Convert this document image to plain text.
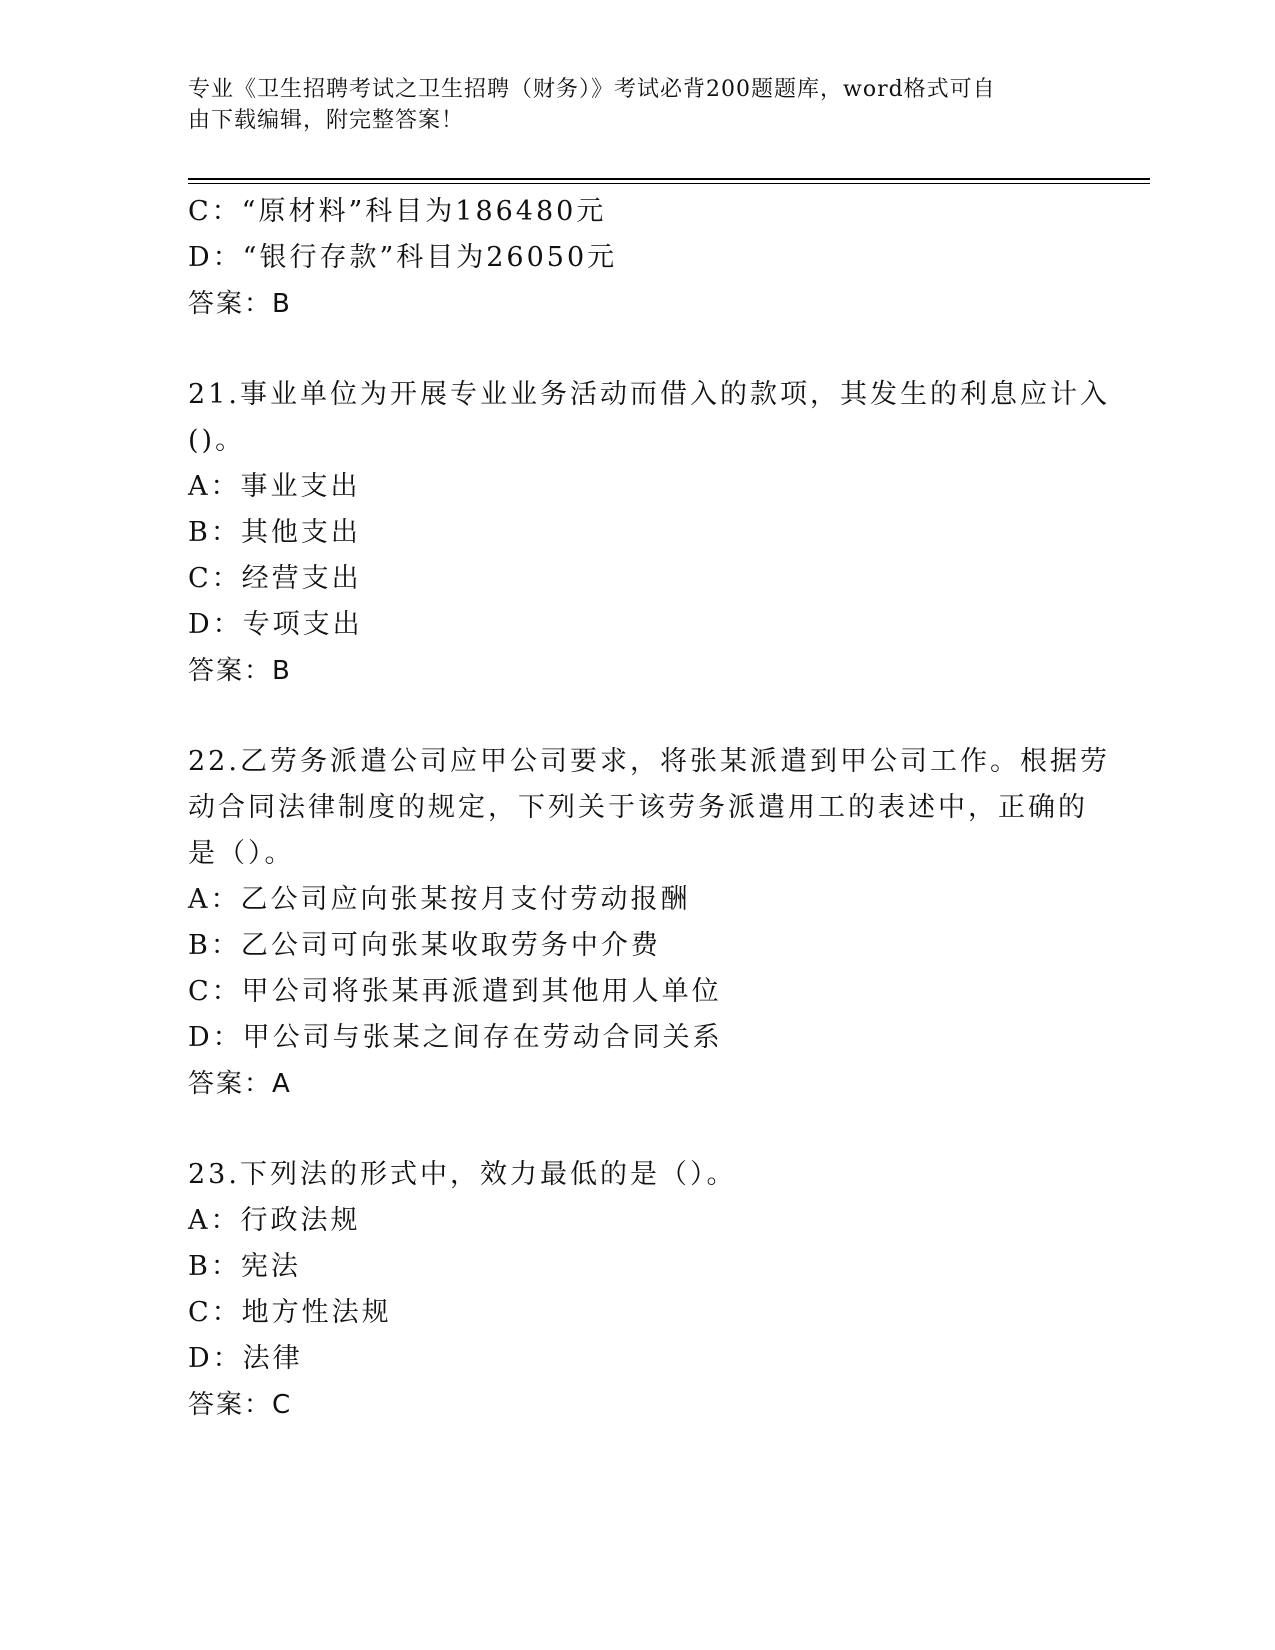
专业《卫生招聘考试之卫生招聘（财务）》考试必背200题题库，word格式可自
由下载编辑，附完整答案！
C：“原材料”科目为186480元
D：“银行存款”科目为26050元
答案：B
21.事业单位为开展专业业务活动而借入的款项，其发生的利息应计入
()。
A：事业支出
B：其他支出
C：经营支出
D：专项支出
答案：B
22.乙劳务派遣公司应甲公司要求，将张某派遣到甲公司工作。根据劳
动合同法律制度的规定，下列关于该劳务派遣用工的表述中，正确的
是（）。
A：乙公司应向张某按月支付劳动报酬
B：乙公司可向张某收取劳务中介费
C：甲公司将张某再派遣到其他用人单位
D：甲公司与张某之间存在劳动合同关系
答案：A
23.下列法的形式中，效力最低的是（）。
A：行政法规
B：宪法
C：地方性法规
D：法律
答案：C
